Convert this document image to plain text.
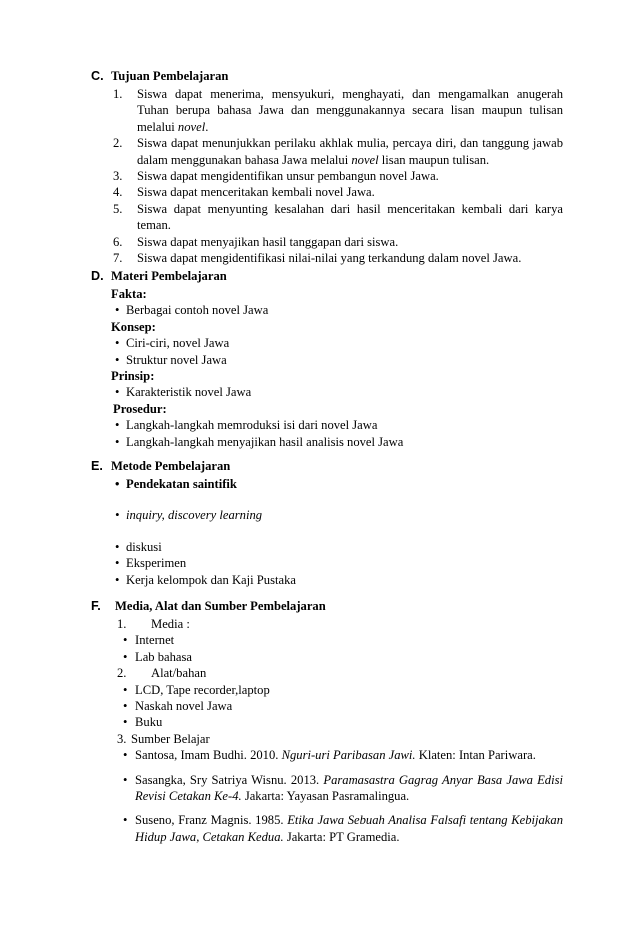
C. Tujuan Pembelajaran
1. Siswa dapat menerima, mensyukuri, menghayati, dan mengamalkan anugerah Tuhan berupa bahasa Jawa dan menggunakannya secara lisan maupun tulisan melalui novel.
2. Siswa dapat menunjukkan perilaku akhlak mulia, percaya diri, dan tanggung jawab dalam menggunakan bahasa Jawa melalui novel lisan maupun tulisan.
3. Siswa dapat mengidentifikan unsur pembangun novel Jawa.
4. Siswa dapat menceritakan kembali novel Jawa.
5. Siswa dapat menyunting kesalahan dari hasil menceritakan kembali dari karya teman.
6. Siswa dapat menyajikan hasil tanggapan dari siswa.
7. Siswa dapat mengidentifikasi nilai-nilai yang terkandung dalam novel Jawa.
D. Materi Pembelajaran
Fakta:
• Berbagai contoh novel Jawa
Konsep:
• Ciri-ciri, novel Jawa
• Struktur novel Jawa
Prinsip:
• Karakteristik novel Jawa
Prosedur:
• Langkah-langkah memroduksi isi dari novel Jawa
• Langkah-langkah menyajikan hasil analisis novel Jawa
E. Metode Pembelajaran
• Pendekatan saintifik
• inquiry, discovery learning
• diskusi
• Eksperimen
• Kerja kelompok dan Kaji Pustaka
F. Media, Alat dan Sumber Pembelajaran
1. Media :
• Internet
• Lab bahasa
2. Alat/bahan
• LCD, Tape recorder,laptop
• Naskah novel Jawa
• Buku
3. Sumber Belajar
• Santosa, Imam Budhi. 2010. Nguri-uri Paribasan Jawi. Klaten: Intan Pariwara.
• Sasangka, Sry Satriya Wisnu. 2013. Paramasastra Gagrag Anyar Basa Jawa Edisi Revisi Cetakan Ke-4. Jakarta: Yayasan Pasramalingua.
• Suseno, Franz Magnis. 1985. Etika Jawa Sebuah Analisa Falsafi tentang Kebijakan Hidup Jawa, Cetakan Kedua. Jakarta: PT Gramedia.
